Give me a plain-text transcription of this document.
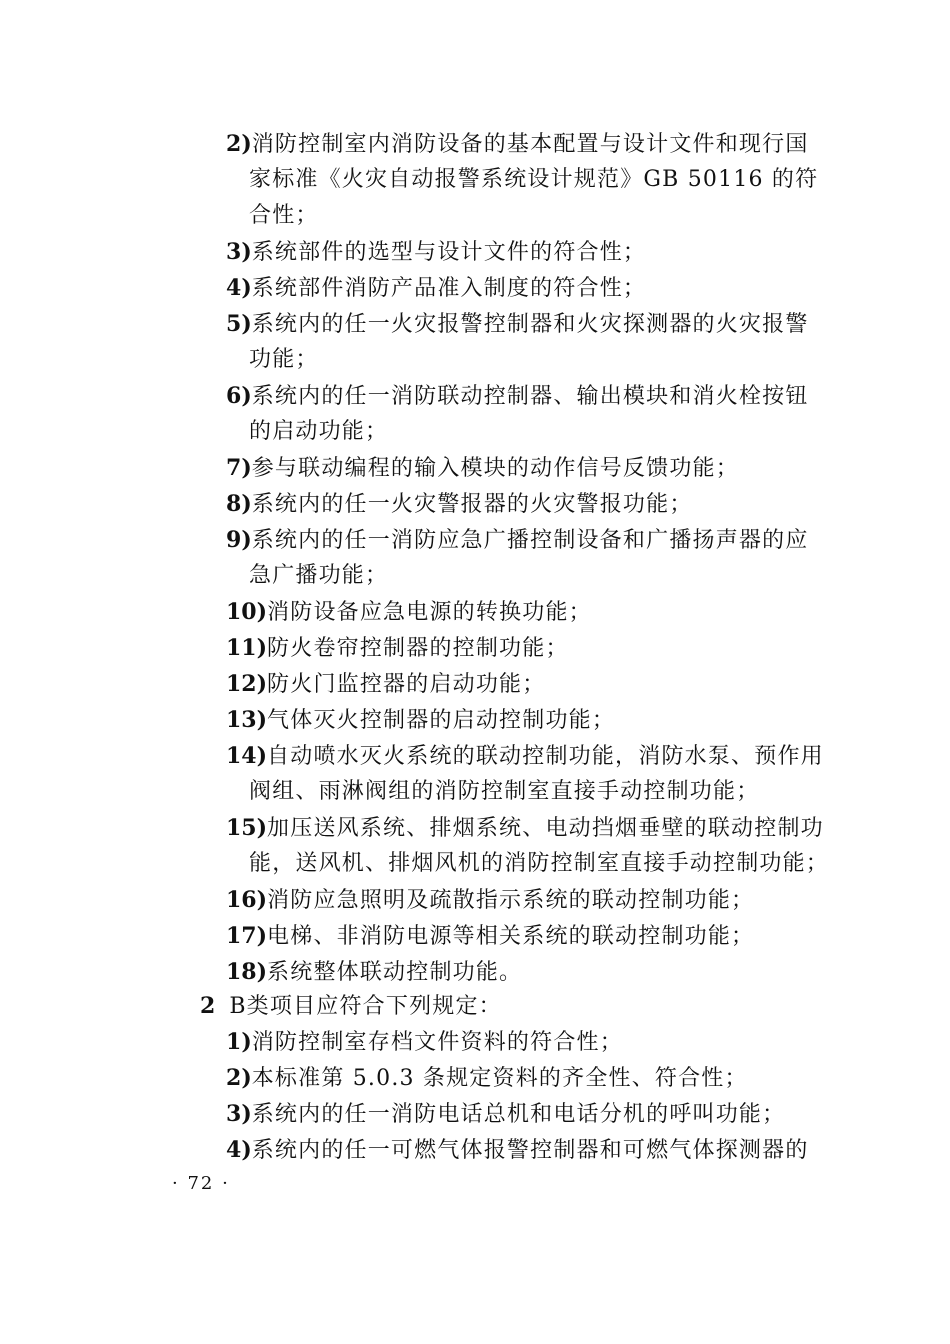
2)消防控制室内消防设备的基本配置与设计文件和现行国
家标准《火灾自动报警系统设计规范》GB 50116 的符
合性；
3)系统部件的选型与设计文件的符合性；
4)系统部件消防产品准入制度的符合性；
5)系统内的任一火灾报警控制器和火灾探测器的火灾报警
功能；
6)系统内的任一消防联动控制器、输出模块和消火栓按钮
的启动功能；
7)参与联动编程的输入模块的动作信号反馈功能；
8)系统内的任一火灾警报器的火灾警报功能；
9)系统内的任一消防应急广播控制设备和广播扬声器的应
急广播功能；
10)消防设备应急电源的转换功能；
11)防火卷帘控制器的控制功能；
12)防火门监控器的启动功能；
13)气体灭火控制器的启动控制功能；
14)自动喷水灭火系统的联动控制功能，消防水泵、预作用
阀组、雨淋阀组的消防控制室直接手动控制功能；
15)加压送风系统、排烟系统、电动挡烟垂壁的联动控制功
能，送风机、排烟风机的消防控制室直接手动控制功能；
16)消防应急照明及疏散指示系统的联动控制功能；
17)电梯、非消防电源等相关系统的联动控制功能；
18)系统整体联动控制功能。
2 B类项目应符合下列规定：
1)消防控制室存档文件资料的符合性；
2)本标准第 5.0.3 条规定资料的齐全性、符合性；
3)系统内的任一消防电话总机和电话分机的呼叫功能；
4)系统内的任一可燃气体报警控制器和可燃气体探测器的
· 72 ·
